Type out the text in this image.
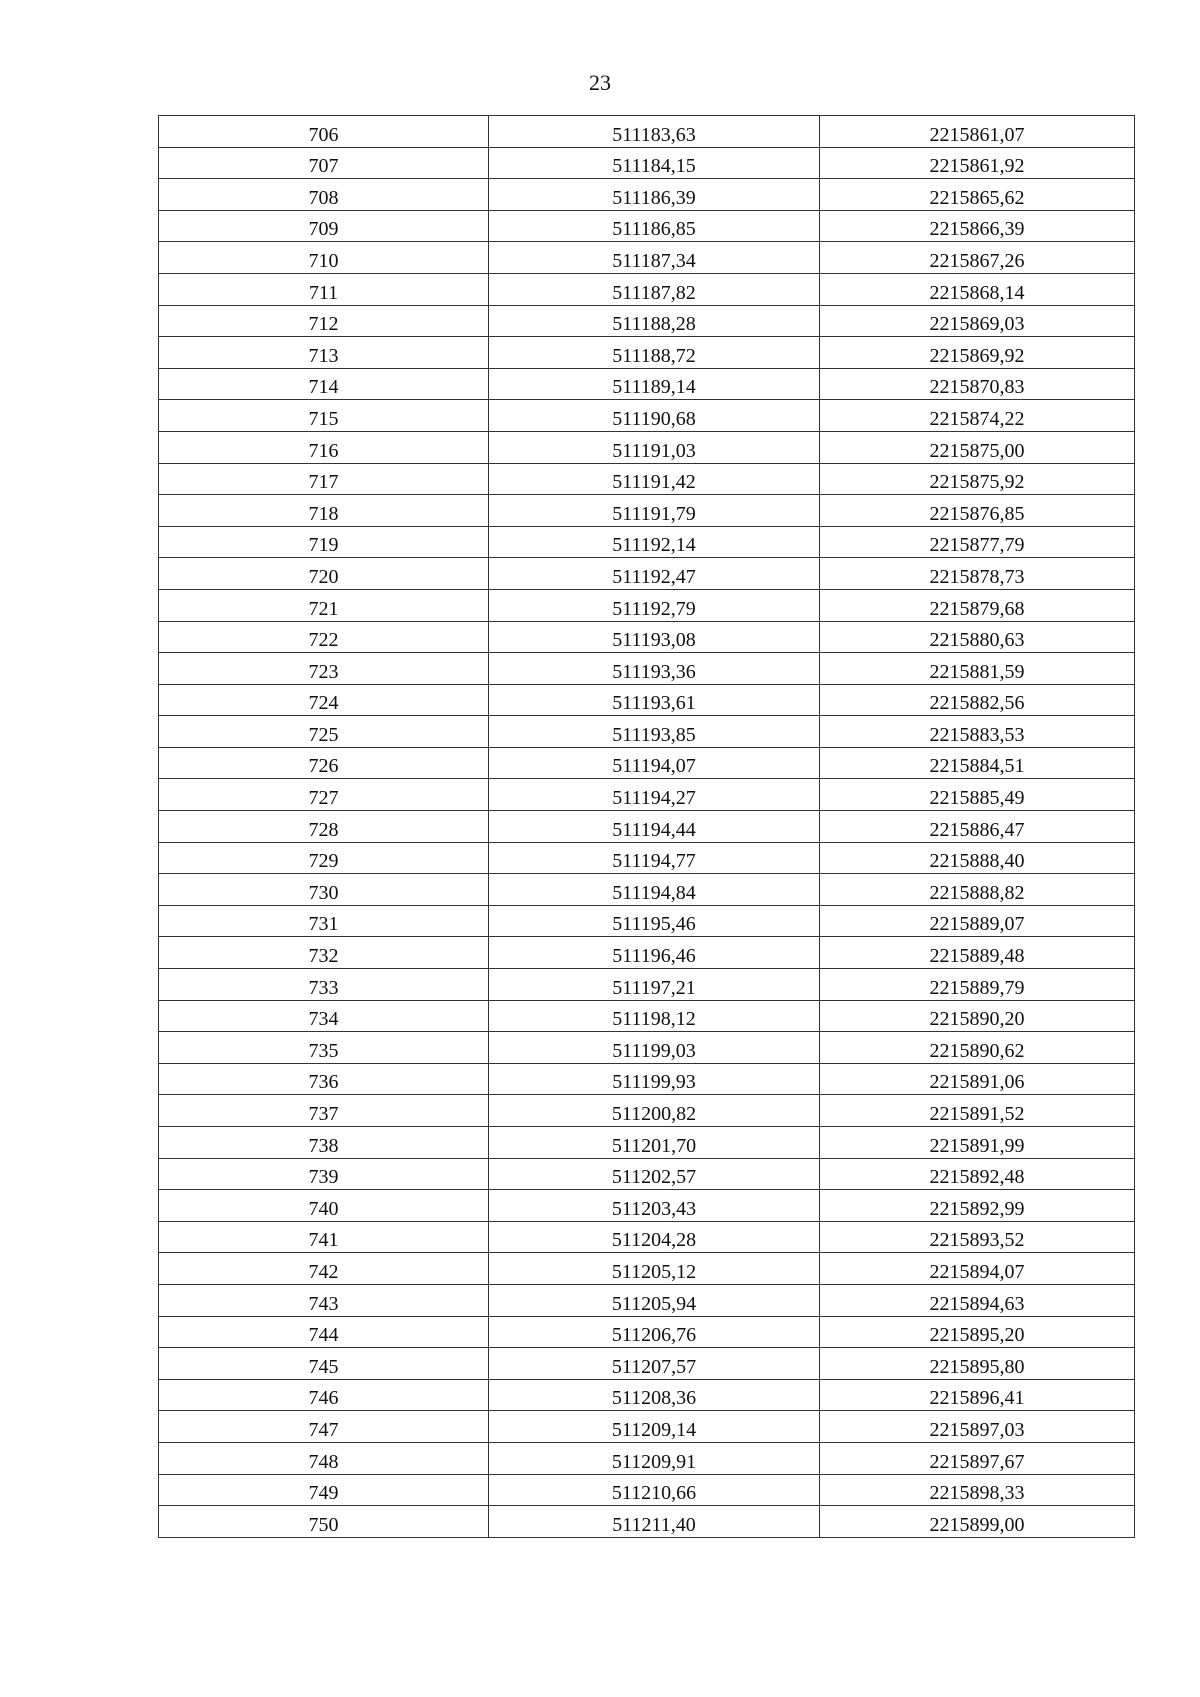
23
706	511183,63	2215861,07
707	511184,15	2215861,92
708	511186,39	2215865,62
709	511186,85	2215866,39
710	511187,34	2215867,26
711	511187,82	2215868,14
712	511188,28	2215869,03
713	511188,72	2215869,92
714	511189,14	2215870,83
715	511190,68	2215874,22
716	511191,03	2215875,00
717	511191,42	2215875,92
718	511191,79	2215876,85
719	511192,14	2215877,79
720	511192,47	2215878,73
721	511192,79	2215879,68
722	511193,08	2215880,63
723	511193,36	2215881,59
724	511193,61	2215882,56
725	511193,85	2215883,53
726	511194,07	2215884,51
727	511194,27	2215885,49
728	511194,44	2215886,47
729	511194,77	2215888,40
730	511194,84	2215888,82
731	511195,46	2215889,07
732	511196,46	2215889,48
733	511197,21	2215889,79
734	511198,12	2215890,20
735	511199,03	2215890,62
736	511199,93	2215891,06
737	511200,82	2215891,52
738	511201,70	2215891,99
739	511202,57	2215892,48
740	511203,43	2215892,99
741	511204,28	2215893,52
742	511205,12	2215894,07
743	511205,94	2215894,63
744	511206,76	2215895,20
745	511207,57	2215895,80
746	511208,36	2215896,41
747	511209,14	2215897,03
748	511209,91	2215897,67
749	511210,66	2215898,33
750	511211,40	2215899,00
